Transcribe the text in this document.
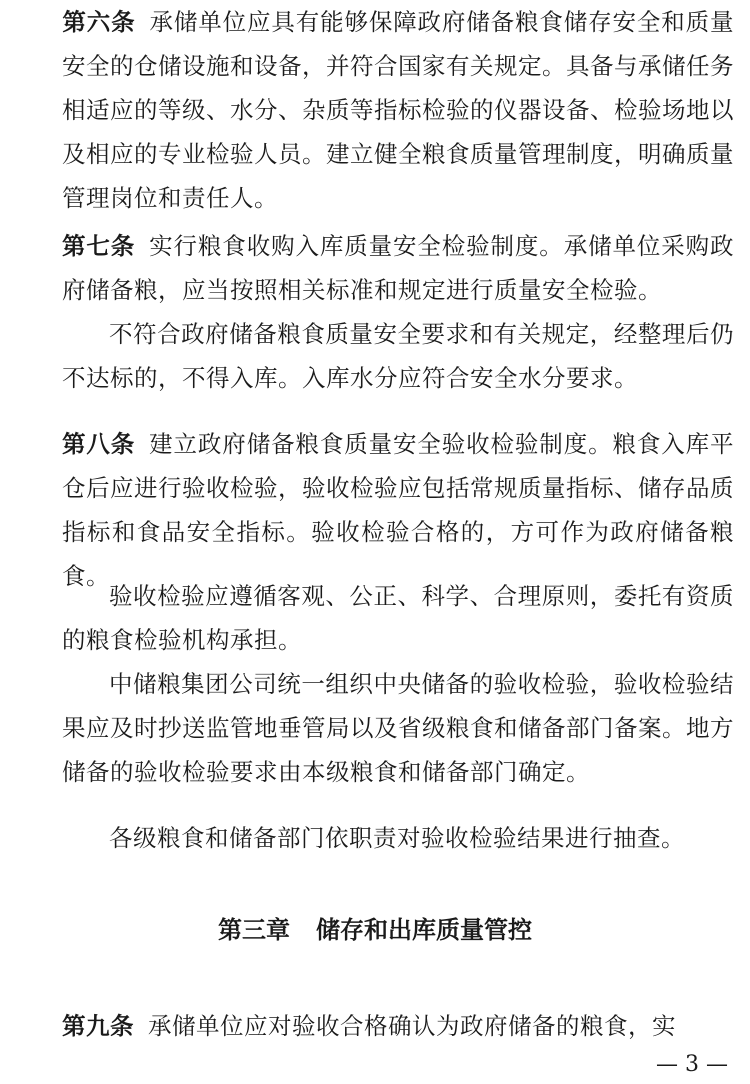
第六条 承储单位应具有能够保障政府储备粮食储存安全和质量安全的仓储设施和设备，并符合国家有关规定。具备与承储任务相适应的等级、水分、杂质等指标检验的仪器设备、检验场地以及相应的专业检验人员。建立健全粮食质量管理制度，明确质量管理岗位和责任人。

第七条 实行粮食收购入库质量安全检验制度。承储单位采购政府储备粮，应当按照相关标准和规定进行质量安全检验。

不符合政府储备粮食质量安全要求和有关规定，经整理后仍不达标的，不得入库。入库水分应符合安全水分要求。

第八条 建立政府储备粮食质量安全验收检验制度。粮食入库平仓后应进行验收检验，验收检验应包括常规质量指标、储存品质指标和食品安全指标。验收检验合格的，方可作为政府储备粮食。

验收检验应遵循客观、公正、科学、合理原则，委托有资质的粮食检验机构承担。

中储粮集团公司统一组织中央储备的验收检验，验收检验结果应及时抄送监管地垂管局以及省级粮食和储备部门备案。地方储备的验收检验要求由本级粮食和储备部门确定。

各级粮食和储备部门依职责对验收检验结果进行抽查。

第三章 储存和出库质量管控

第九条 承储单位应对验收合格确认为政府储备的粮食，实

— 3 —
